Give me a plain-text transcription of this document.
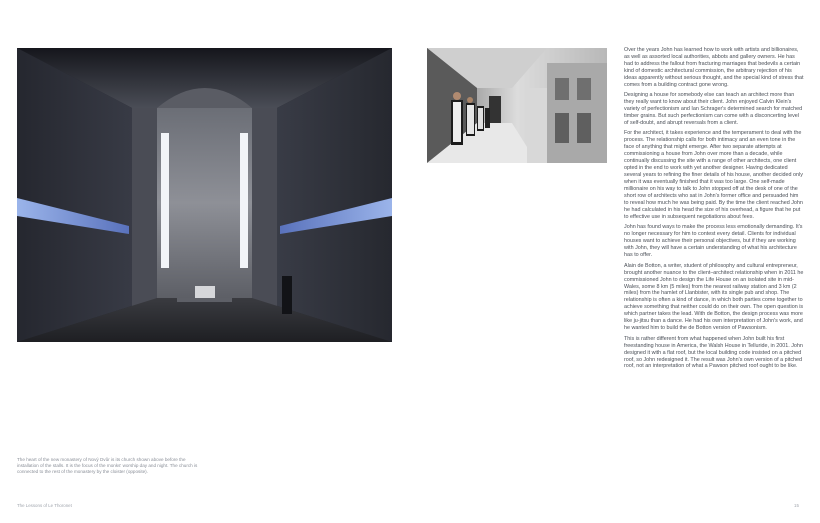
The heart of the new monastery of Nový Dvůr is its church shown above before the installation of the stalls. It is the focus of the monks' worship day and night. The church is connected to the rest of the monastery by the cloister (opposite).
The Lessons of Le Thoronet

Over the years John has learned how to work with artists and billionaires, as well as assorted local authorities, abbots and gallery owners. He has had to address the fallout from fracturing marriages that bedevils a certain kind of domestic architectural commission, the arbitrary rejection of his ideas apparently without serious thought, and the special kind of stress that comes from a building contract gone wrong.

Designing a house for somebody else can teach an architect more than they really want to know about their client. John enjoyed Calvin Klein's variety of perfectionism and Ian Schrager's determined search for matched timber grains. But such perfectionism can come with a disconcerting level of self-doubt, and abrupt reversals from a client.

For the architect, it takes experience and the temperament to deal with the process. The relationship calls for both intimacy and an even tone in the face of anything that might emerge. After two separate attempts at commissioning a house from John over more than a decade, while continually discussing the site with a range of other architects, one client opted in the end to work with yet another designer. Having dedicated several years to refining the finer details of his house, another decided only when it was eventually finished that it was too large. One self-made millionaire on his way to talk to John stopped off at the desk of one of the short row of architects who sat in John's former office and persuaded him to reveal how much he was being paid. By the time the client reached John he had calculated in his head the size of his overhead, a figure that he put to effective use in subsequent negotiations about fees.

John has found ways to make the process less emotionally demanding. It's no longer necessary for him to contest every detail. Clients for individual houses want to achieve their personal objectives, but if they are working with John, they will have a certain understanding of what his architecture has to offer.

Alain de Botton, a writer, student of philosophy and cultural entrepreneur, brought another nuance to the client–architect relationship when in 2011 he commissioned John to design the Life House on an isolated site in mid-Wales, some 8 km (5 miles) from the nearest railway station and 3 km (2 miles) from the hamlet of Llanbister, with its single pub and shop. The relationship is often a kind of dance, in which both parties come together to achieve something that neither could do on their own. The open question is which partner takes the lead. With de Botton, the design process was more like ju-jitsu than a dance. He had his own interpretation of John's work, and he wanted him to build the de Botton version of Pawsonism.

This is rather different from what happened when John built his first freestanding house in America, the Walsh House in Telluride, in 2001. John designed it with a flat roof, but the local building code insisted on a pitched roof, so John redesigned it. The result was John's own version of a pitched roof, not an interpretation of what a Pawson pitched roof ought to be like.

15
